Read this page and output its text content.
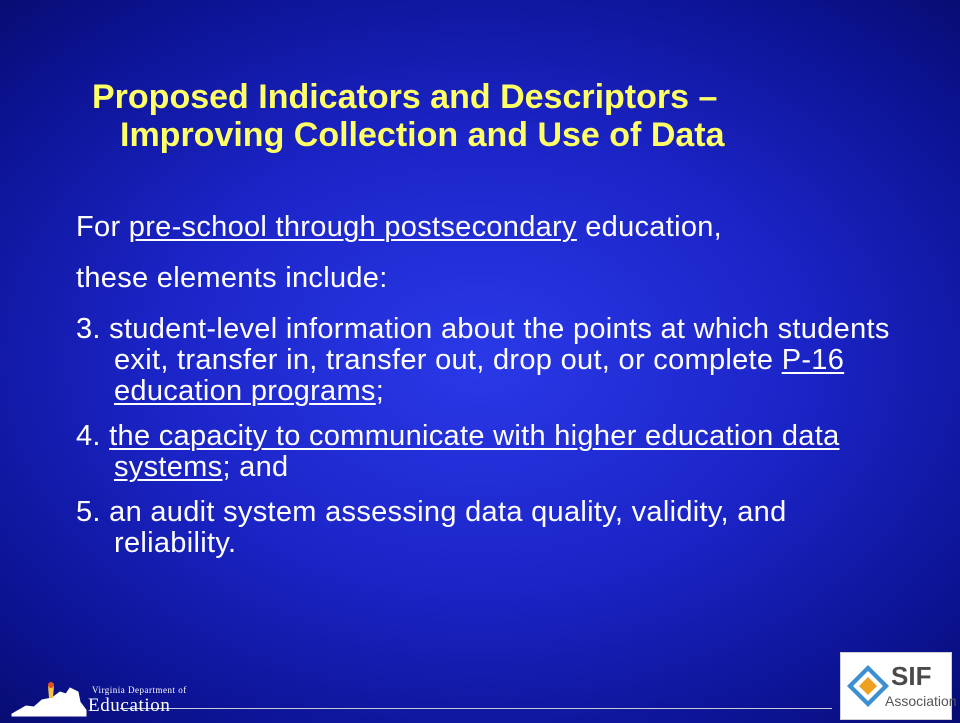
Proposed Indicators and Descriptors –
Improving Collection and Use of Data

For pre-school through postsecondary education,

these elements include:

3. student-level information about the points at which students exit, transfer in, transfer out, drop out, or complete P-16 education programs;

4. the capacity to communicate with higher education data systems; and

5. an audit system assessing data quality, validity, and reliability.

Virginia Department of
Education
SIF
Association
